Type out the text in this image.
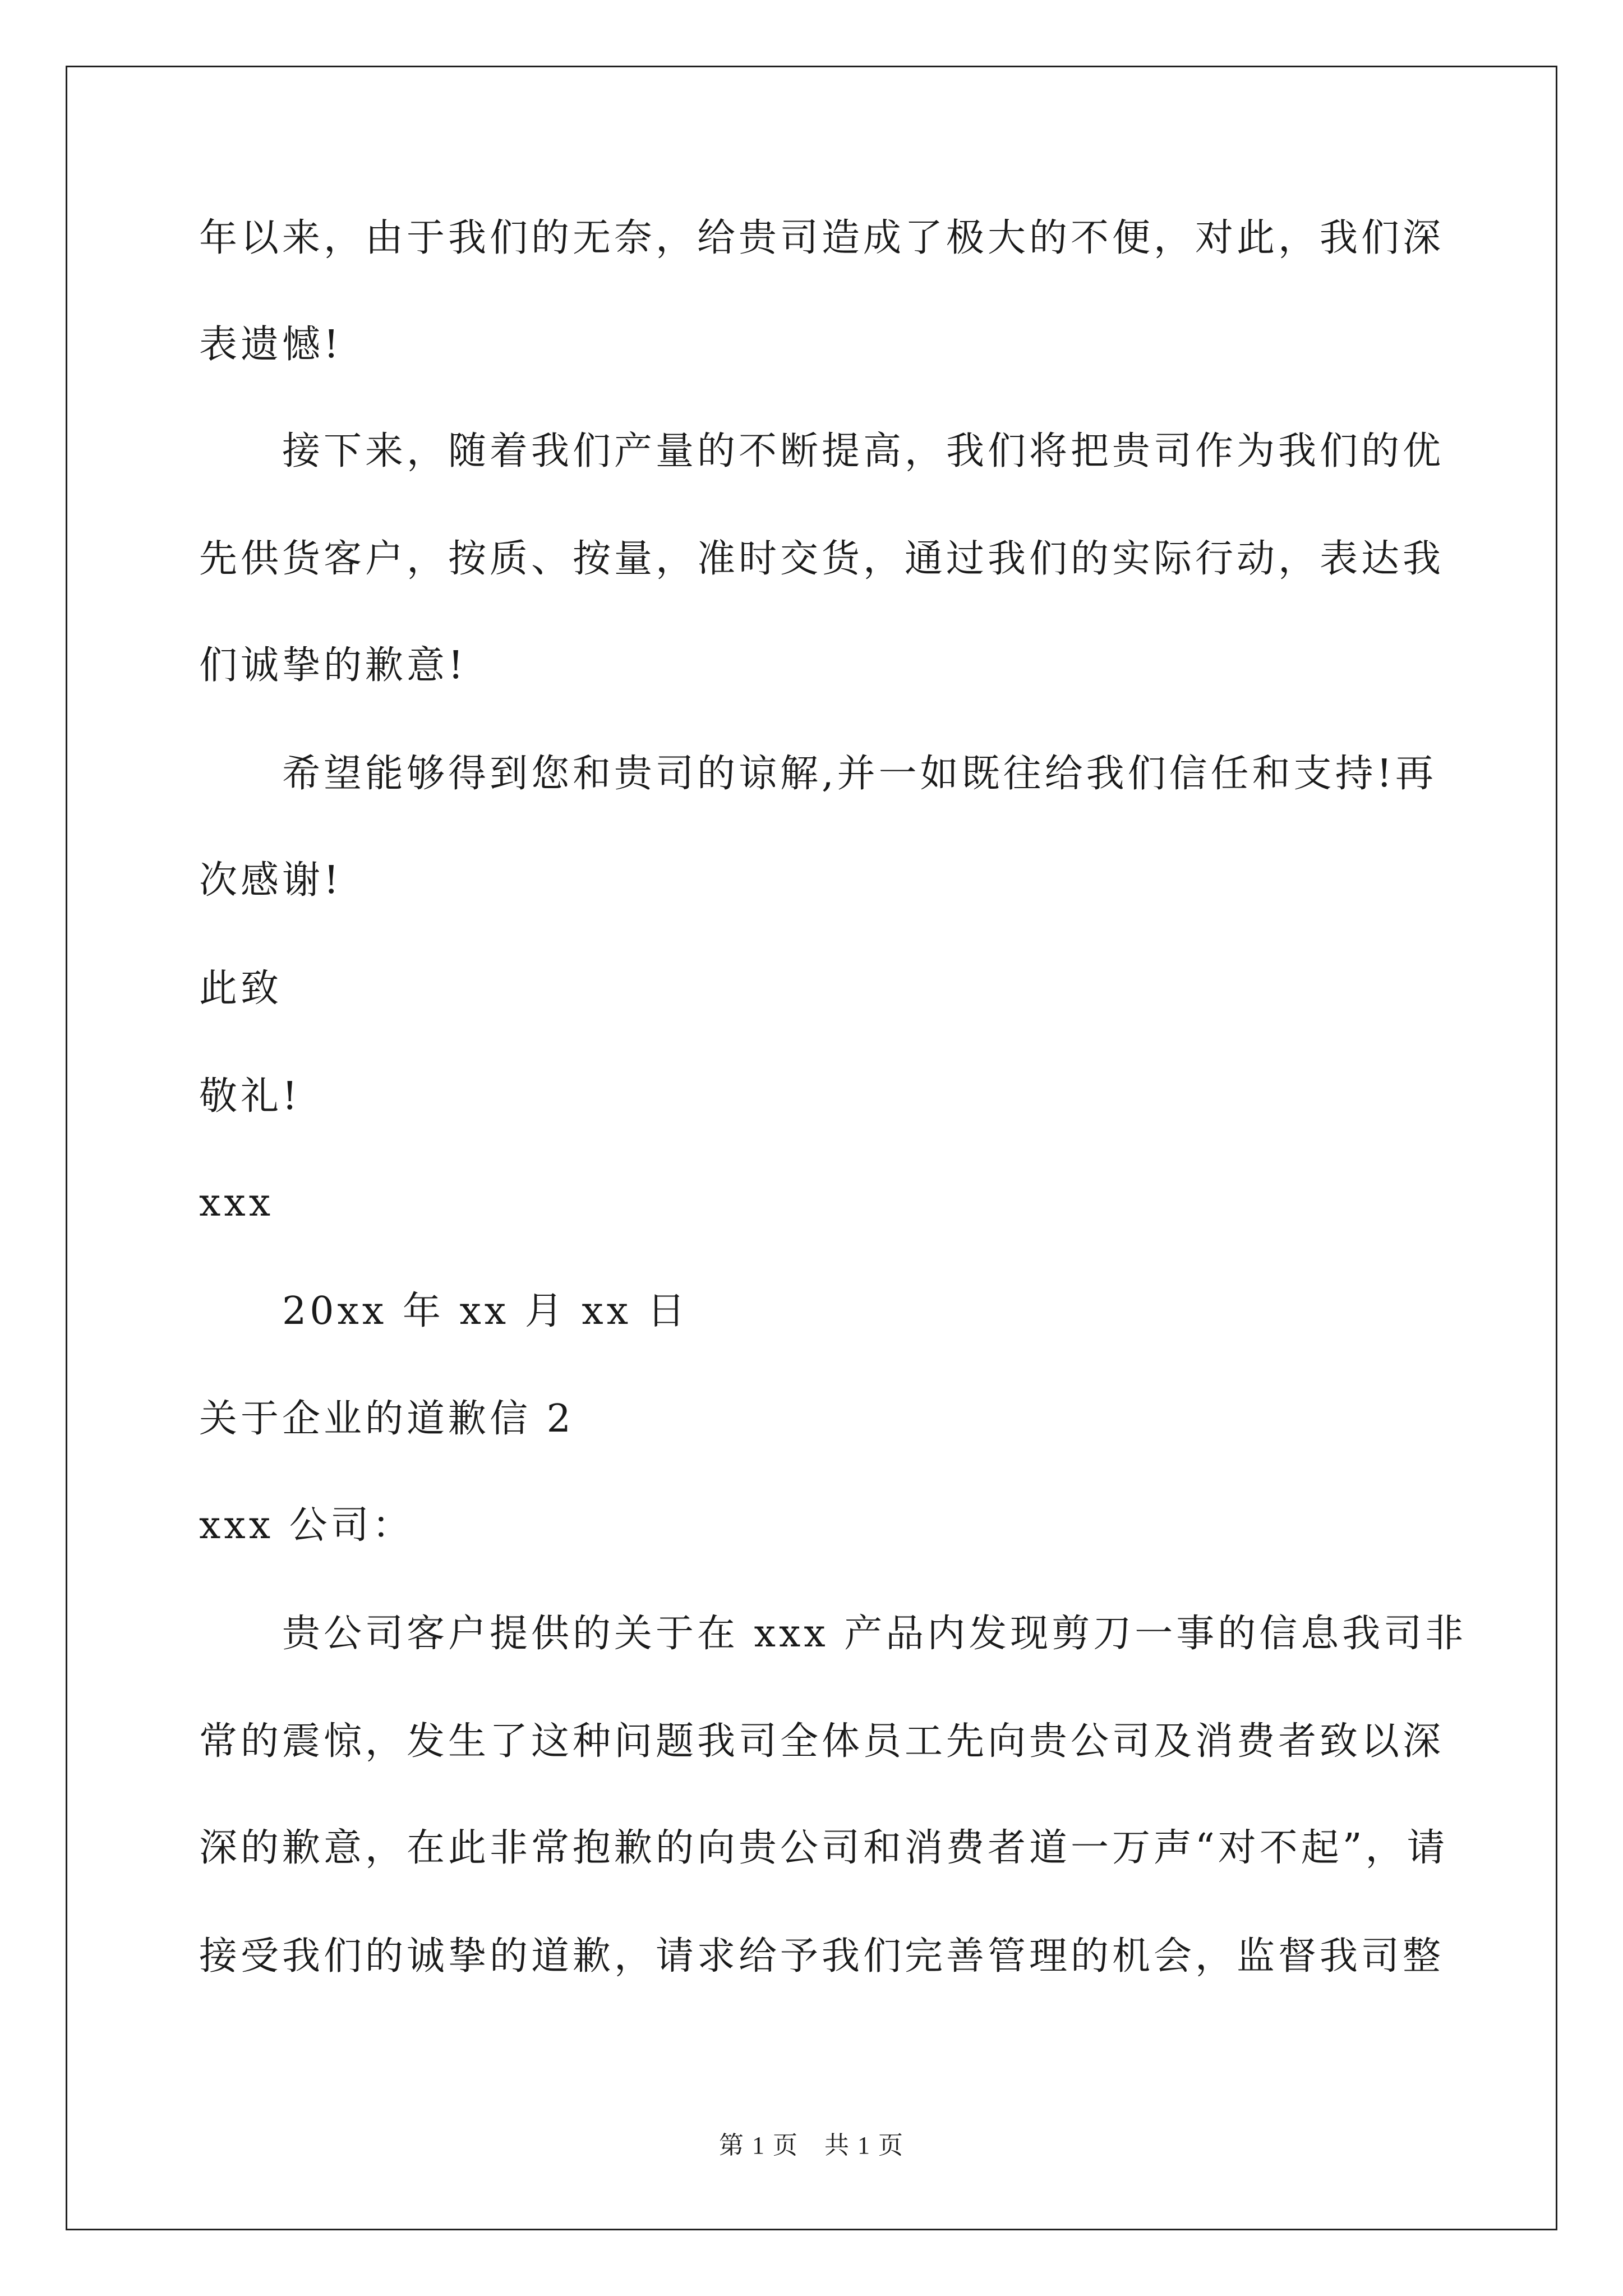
年以来，由于我们的无奈，给贵司造成了极大的不便，对此，我们深
表遗憾!
　　接下来，随着我们产量的不断提高，我们将把贵司作为我们的优
先供货客户，按质、按量，准时交货，通过我们的实际行动，表达我
们诚挚的歉意!
　　希望能够得到您和贵司的谅解,并一如既往给我们信任和支持!再
次感谢!
此致
敬礼!
xxx
　　20xx 年 xx 月 xx 日
关于企业的道歉信 2
xxx 公司：
　　贵公司客户提供的关于在 xxx 产品内发现剪刀一事的信息我司非
常的震惊，发生了这种问题我司全体员工先向贵公司及消费者致以深
深的歉意，在此非常抱歉的向贵公司和消费者道一万声“对不起”，请
接受我们的诚挚的道歉，请求给予我们完善管理的机会，监督我司整
第 1 页　共 1 页
